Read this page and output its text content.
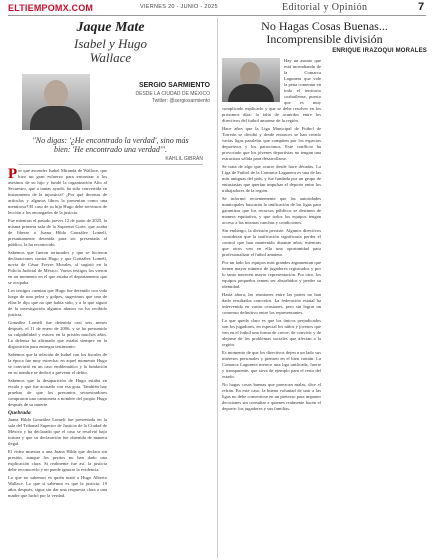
ELTIEMPOMX.COM	VIERNES 20 - JUNIO - 2025	Editorial y Opinión	7
Jaque Mate
Isabel y Hugo
Wallace
SERGIO SARMIENTO
DESDE LA CIUDAD DE MÉXICO
Twitter: @sergiosarmiento
"No digas: '¿He encontrado la verdad', sino más
bien: 'He encontrado una verdad'".
KAHLIL GIBRÁN

Por qué ascender Isabel Miranda de Wallace, que hizo un gran esfuerzo para encontrar a los asesinos de su hijo y fundó la organización Alto al Secuestro, que a tantas ayudó, ha sido convertida en instrumento de la injusticia? ¿Por qué decenas de artículos y algunos libros la presentan como una mentirosa? El caso de su hijo Hugo debe servirnos de lección a los encargados de la justicia.

Fue mientras el pasado jueves 12 de junio de 2025, la misma primera sala de la Suprema Corte, que acaba de liberar a Juana Hilda González Lomelí, presuntamente detenida para ser presentada al público, la ha reconocido.

Sabemos que fueron torturados y que se hicieron declaraciones contra Hugo y que González Lomelí, novia de César Freyre Morales, sí sugirió en la Policía Judicial de México. Varios testigos los vieron en un momento en el que estaba el departamento que se ocupaba.

Los testigos cuentan que Hugo fue detenido con vida luego de una pelea y golpes, sugerimos que una de ellas le dijo que no que había sido, y a lo que siguió de la investigación algunos abusos no ha recibido justicia.

González Lomelí fue detenida casi seis meses después, el 11 de enero de 2006, y se ha presumido su culpabilidad y estuvo en la prisión muchos años. La defensa ha afirmado que estaba siempre en la disposición para entregar testimonio.

Sabemos que la relación de Isabel con los fiscales de la época fue muy estrecha; en aquel momento Hugo se convirtió en un caso emblemático y la fundación en su nombre se dedicó a prevenir el delito.

Sabemos que la desaparición de Hugo estaba en escala y que fue acusado con esa gota. También hay pruebas de que los presuntos secuestradores compraron una camioneta a nombre del propio Hugo después de su muerte.

Quebrada

Juana Hilda González Lomelí fue presentada en la sala del Tribunal Superior de Justicia de la Ciudad de México y ha declarado que el caso se resolvió bajo tortura y que su declaración fue obtenida de manera ilegal.

El video muestra a una Juana Hilda que declara sin presión, aunque los peritos no han dado una explicación clara. Si realmente fue así, la justicia debe reconocerlo y no puede ignorar la evidencia.

Lo que no sabemos es quién mató a Hugo Alberto Wallace. Lo que sí sabemos es que la justicia, 19 años después, sigue sin dar una respuesta clara a una madre que luchó por la verdad.

No Hagas Cosas Buenas...
Incomprensible división
ENRIQUE IRAZOQUI MORALES

Hay un asunto que está incendiando de la Comarca Lagunera que vale la pena comentar en todo el territorio coahuilense, puesto que es muy complicado explicarlo y que se debe resolver en los próximos días: la falta de acuerdos entre los directivos del futbol amateur de la región.

Hace años que la Liga Municipal de Futbol de Torreón se dividió y desde entonces se han creado varias ligas paralelas que compiten por los espacios deportivos y los patrocinios. Este conflicto ha provocado que los jóvenes deportistas no tengan una estructura sólida para desarrollarse.

Se trata de algo que ocurre desde hace décadas. La Liga de Futbol de la Comarca Lagunera es una de las más antiguas del país, y fue fundada por un grupo de entusiastas que querían impulsar el deporte entre los trabajadores de la región.

Se informó recientemente que las autoridades municipales buscarán la unificación de las ligas para garantizar que los recursos públicos se destinen de manera equitativa, y que todos los equipos tengan acceso a las mismas canchas y condiciones.

Sin embargo, la división persiste. Algunos directivos consideran que la unificación significaría perder el control que han mantenido durante años, mientras que otros ven en ella una oportunidad para profesionalizar el futbol amateur.

Por un lado los equipos más grandes argumentan que tienen mayor número de jugadores registrados y por lo tanto merecen mayor representación. Por otro, los equipos pequeños temen ser absorbidos y perder su identidad.

Hasta ahora, las reuniones entre las partes no han dado resultados concretos. La federación estatal ha intervenido en varias ocasiones, pero sin lograr un consenso definitivo entre los representantes.

Lo que queda claro es que los únicos perjudicados son los jugadores, en especial los niños y jóvenes que ven en el futbol una forma de crecer, de convivir y de alejarse de los problemas sociales que afectan a la región.

Es momento de que los directivos dejen a un lado sus intereses personales y piensen en el bien común. La Comarca Lagunera merece una liga unificada, fuerte y transparente, que sirva de ejemplo para el resto del estado.

No hagas cosas buenas que parezcan malas, dice el refrán. En este caso, la buena voluntad de unir a las ligas no debe convertirse en un pretexto para imponer decisiones sin consultar a quienes realmente hacen el deporte: los jugadores y sus familias.
